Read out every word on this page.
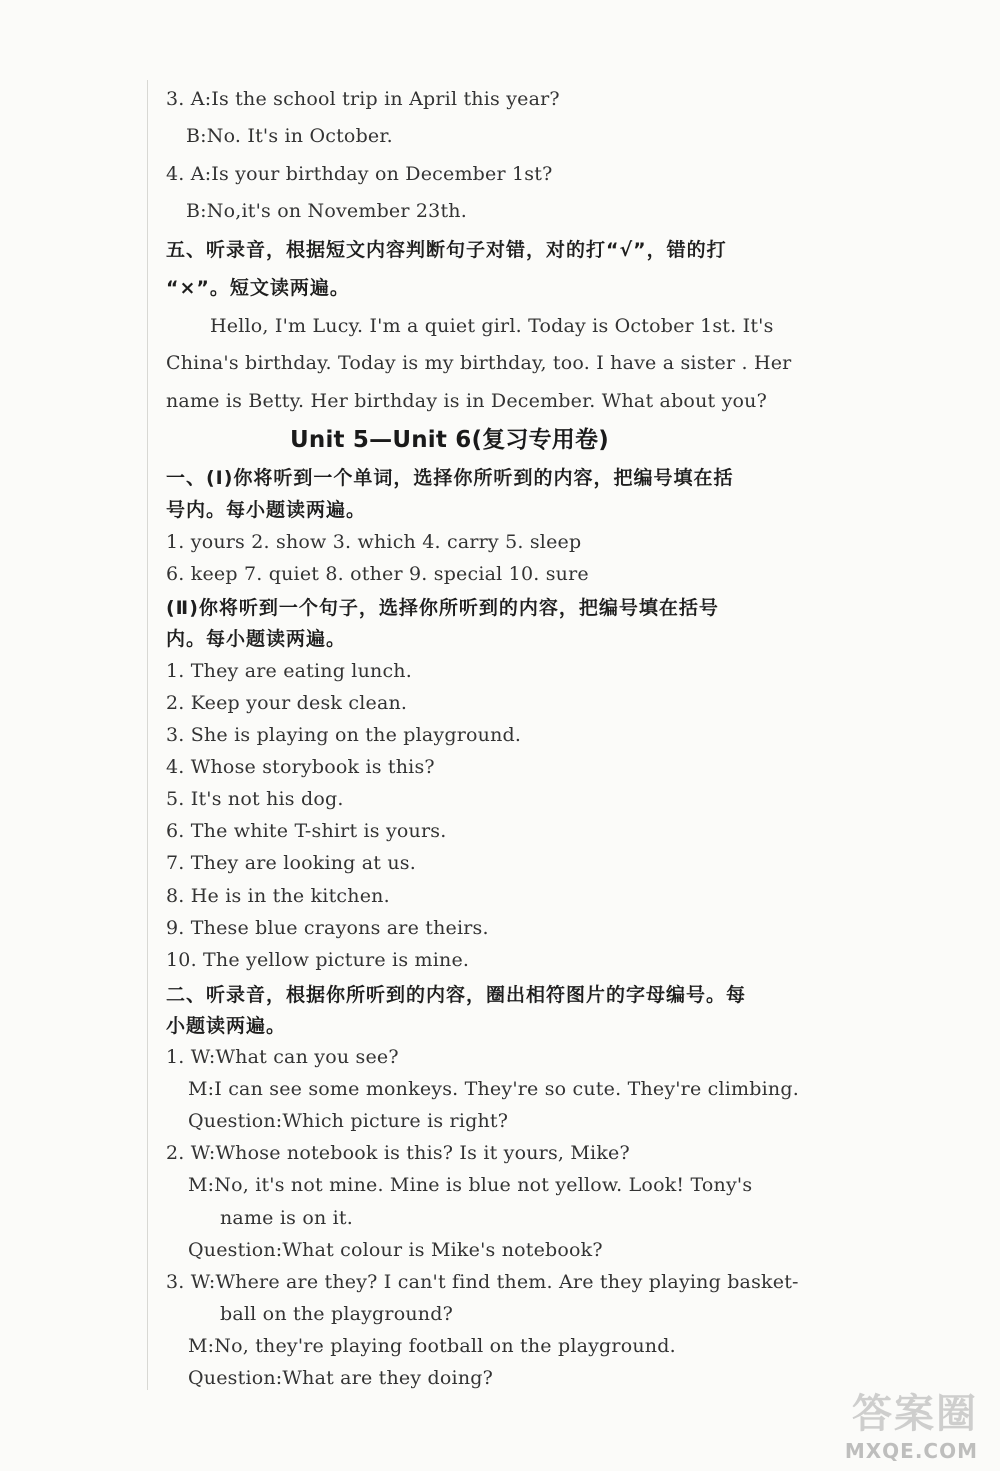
3. A:Is the school trip in April this year?
B:No. It's in October.
4. A:Is your birthday on December 1st?
B:No,it's on November 23th.
五、听录音，根据短文内容判断句子对错，对的打“√”，错的打
“×”。短文读两遍。
Hello, I'm Lucy. I'm a quiet girl. Today is October 1st. It's
China's birthday. Today is my birthday, too. I have a sister . Her
name is Betty. Her birthday is in December. What about you?
Unit 5—Unit 6(复习专用卷)
一、(Ⅰ)你将听到一个单词，选择你所听到的内容，把编号填在括
号内。每小题读两遍。
1. yours 2. show 3. which 4. carry 5. sleep
6. keep 7. quiet 8. other 9. special 10. sure
(Ⅱ)你将听到一个句子，选择你所听到的内容，把编号填在括号
内。每小题读两遍。
1. They are eating lunch.
2. Keep your desk clean.
3. She is playing on the playground.
4. Whose storybook is this?
5. It's not his dog.
6. The white T-shirt is yours.
7. They are looking at us.
8. He is in the kitchen.
9. These blue crayons are theirs.
10. The yellow picture is mine.
二、听录音，根据你所听到的内容，圈出相符图片的字母编号。每
小题读两遍。
1. W:What can you see?
M:I can see some monkeys. They're so cute. They're climbing.
Question:Which picture is right?
2. W:Whose notebook is this? Is it yours, Mike?
M:No, it's not mine. Mine is blue not yellow. Look! Tony's
name is on it.
Question:What colour is Mike's notebook?
3. W:Where are they? I can't find them. Are they playing basket-
ball on the playground?
M:No, they're playing football on the playground.
Question:What are they doing?
答案圈
MXQE.COM
